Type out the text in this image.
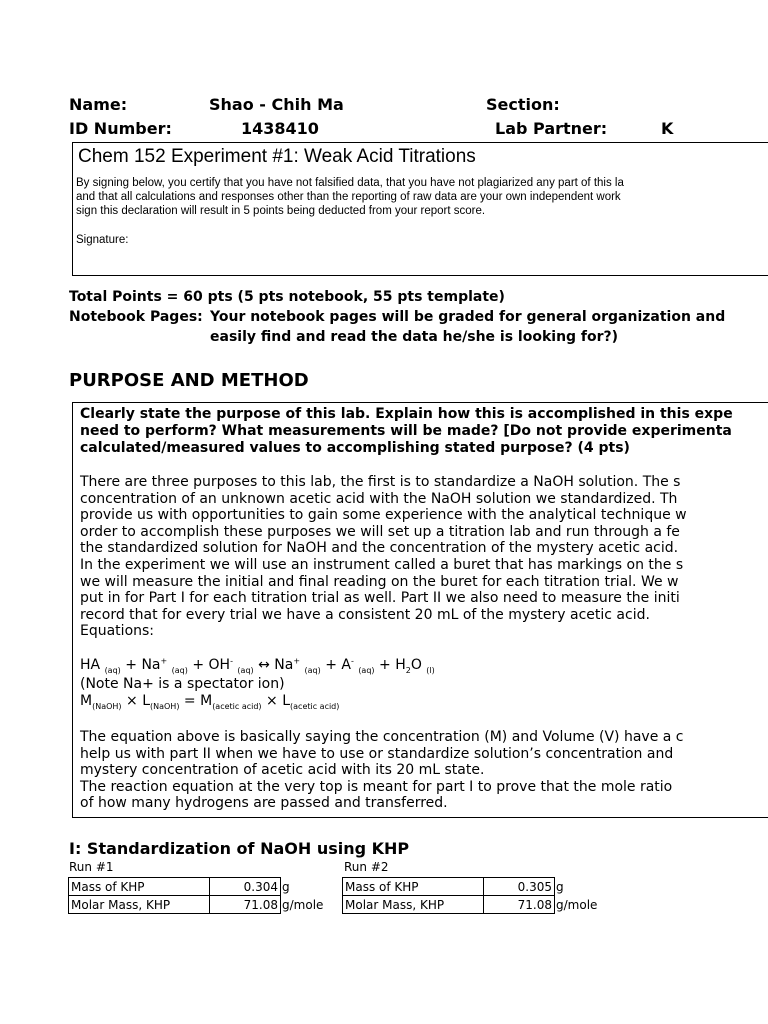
Name:	Shao - Chih Ma	Section:
ID Number:	1438410	Lab Partner:	K
Chem 152 Experiment #1: Weak Acid Titrations
By signing below, you certify that you have not falsified data, that you have not plagiarized any part of this la
and that all calculations and responses other than the reporting of raw data are your own independent work
sign this declaration will result in 5 points being deducted from your report score.
Signature:
Total Points = 60 pts (5 pts notebook, 55 pts template)
Notebook Pages: Your notebook pages will be graded for general organization and
easily find and read the data he/she is looking for?)
PURPOSE AND METHOD
Clearly state the purpose of this lab. Explain how this is accomplished in this expe
need to perform? What measurements will be made? [Do not provide experimenta
calculated/measured values to accomplishing stated purpose? (4 pts)
There are three purposes to this lab, the first is to standardize a NaOH solution. The s
concentration of an unknown acetic acid with the NaOH solution we standardized. Th
provide us with opportunities to gain some experience with the analytical technique w
order to accomplish these purposes we will set up a titration lab and run through a fe
the standardized solution for NaOH and the concentration of the mystery acetic acid.
In the experiment we will use an instrument called a buret that has markings on the s
we will measure the initial and final reading on the buret for each titration trial. We w
put in for Part I for each titration trial as well. Part II we also need to measure the initi
record that for every trial we have a consistent 20 mL of the mystery acetic acid.
Equations:
HA $_{(aq)}$ + Na+ $_{(aq)}$ + OH- $_{(aq)}$ ↔ Na+ $_{(aq)}$ + A- $_{(aq)} + H_2O$ $_{(l)}$
(Note Na+ is a spectator ion)
$M_{(NaOH)} \times L_{(NaOH)} = M_{(acetic acid)} \times L_{(acetic acid)}$
The equation above is basically saying the concentration (M) and Volume (V) have a c
help us with part II when we have to use or standardize solution’s concentration and
mystery concentration of acetic acid with its 20 mL state.
The reaction equation at the very top is meant for part I to prove that the mole ratio
of how many hydrogens are passed and transferred.
I: Standardization of NaOH using KHP
Run #1
Mass of KHP	0.304	g
Molar Mass, KHP	71.08	g/mole
Run #2
Mass of KHP	0.305	g
Molar Mass, KHP	71.08	g/mole
